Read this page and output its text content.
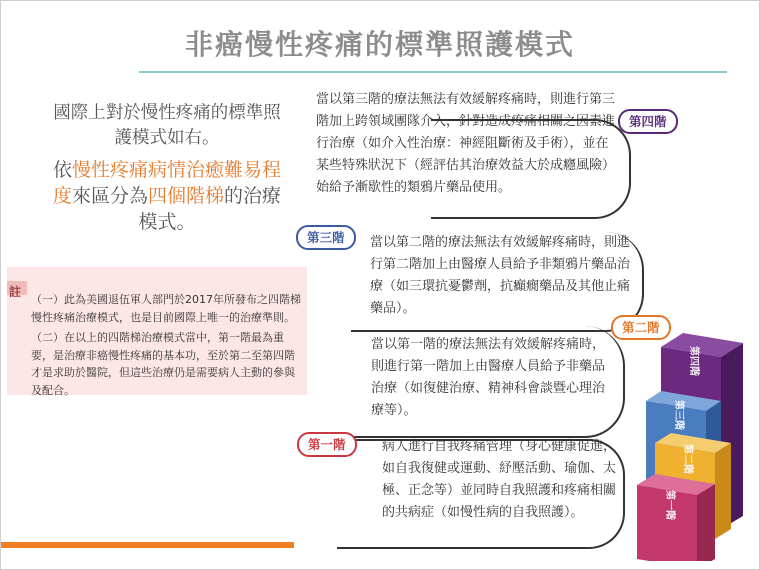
非癌慢性疼痛的標準照護模式

國際上對於慢性疼痛的標準照護模式如右。

依慢性疼痛病情治癒難易程度來區分為四個階梯的治療模式。

註
（一）此為美國退伍軍人部門於2017年所發布之四階梯慢性疼痛治療模式，也是目前國際上唯一的治療準則。
（二）在以上的四階梯治療模式當中，第一階最為重要，是治療非癌慢性疼痛的基本功，至於第二至第四階才是求助於醫院，但這些治療仍是需要病人主動的參與及配合。
當以第三階的療法無法有效緩解疼痛時，則進行第三階加上跨領域團隊介入，針對造成疼痛相關之因素進行治療（如介入性治療：神經阻斷術及手術），並在某些特殊狀況下（經評估其治療效益大於成癮風險）始給予漸歇性的類鴉片藥品使用。
當以第二階的療法無法有效緩解疼痛時，則進行第二階加上由醫療人員給予非類鴉片藥品治療（如三環抗憂鬱劑，抗癲癇藥品及其他止痛藥品）。
當以第一階的療法無法有效緩解疼痛時，則進行第一階加上由醫療人員給予非藥品治療（如復健治療、精神科會談暨心理治療等）。
病人進行自我疼痛管理（身心健康促進，如自我復健或運動、紓壓活動、瑜伽、太極、正念等）並同時自我照護和疼痛相關的共病症（如慢性病的自我照護）。
第四階
第三階
第二階
第一階
第四階
第三階
第二階
第一階
